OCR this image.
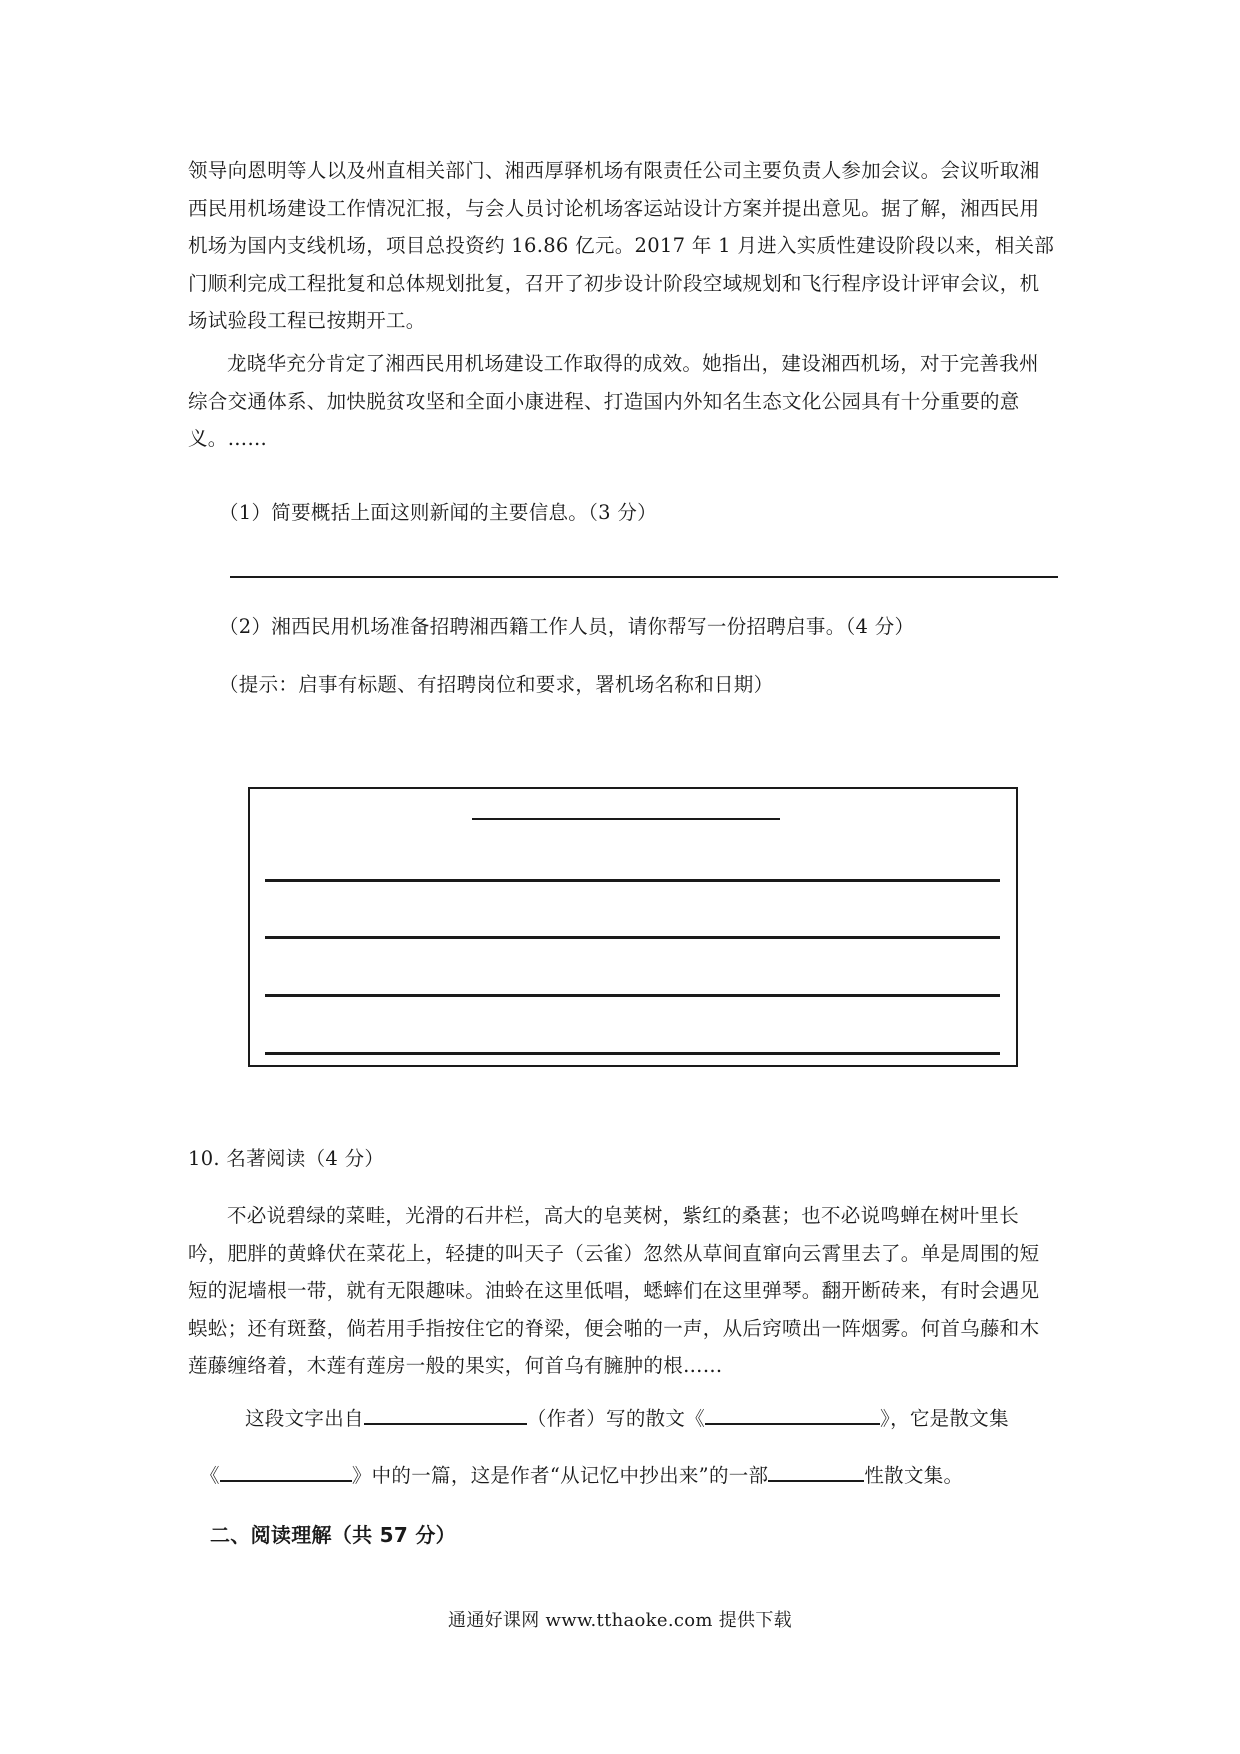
领导向恩明等人以及州直相关部门、湘西厚驿机场有限责任公司主要负责人参加会议。会议听取湘西民用机场建设工作情况汇报，与会人员讨论机场客运站设计方案并提出意见。据了解，湘西民用机场为国内支线机场，项目总投资约 16.86 亿元。2017 年 1 月进入实质性建设阶段以来，相关部门顺利完成工程批复和总体规划批复，召开了初步设计阶段空域规划和飞行程序设计评审会议，机场试验段工程已按期开工。

龙晓华充分肯定了湘西民用机场建设工作取得的成效。她指出，建设湘西机场，对于完善我州综合交通体系、加快脱贫攻坚和全面小康进程、打造国内外知名生态文化公园具有十分重要的意义。……

（1）简要概括上面这则新闻的主要信息。（3 分）

（2）湘西民用机场准备招聘湘西籍工作人员，请你帮写一份招聘启事。（4 分）

（提示：启事有标题、有招聘岗位和要求，署机场名称和日期）

10. 名著阅读（4 分）

不必说碧绿的菜畦，光滑的石井栏，高大的皂荚树，紫红的桑葚；也不必说鸣蝉在树叶里长吟，肥胖的黄蜂伏在菜花上，轻捷的叫天子（云雀）忽然从草间直窜向云霄里去了。单是周围的短短的泥墙根一带，就有无限趣味。油蛉在这里低唱，蟋蟀们在这里弹琴。翻开断砖来，有时会遇见蜈蚣；还有斑蝥，倘若用手指按住它的脊梁，便会啪的一声，从后窍喷出一阵烟雾。何首乌藤和木莲藤缠络着，木莲有莲房一般的果实，何首乌有臃肿的根……

这段文字出自	（作者）写的散文《	》，它是散文集

《	》中的一篇，这是作者“从记忆中抄出来”的一部	性散文集。

二、阅读理解（共 57 分）

通通好课网 www.tthaoke.com 提供下载
